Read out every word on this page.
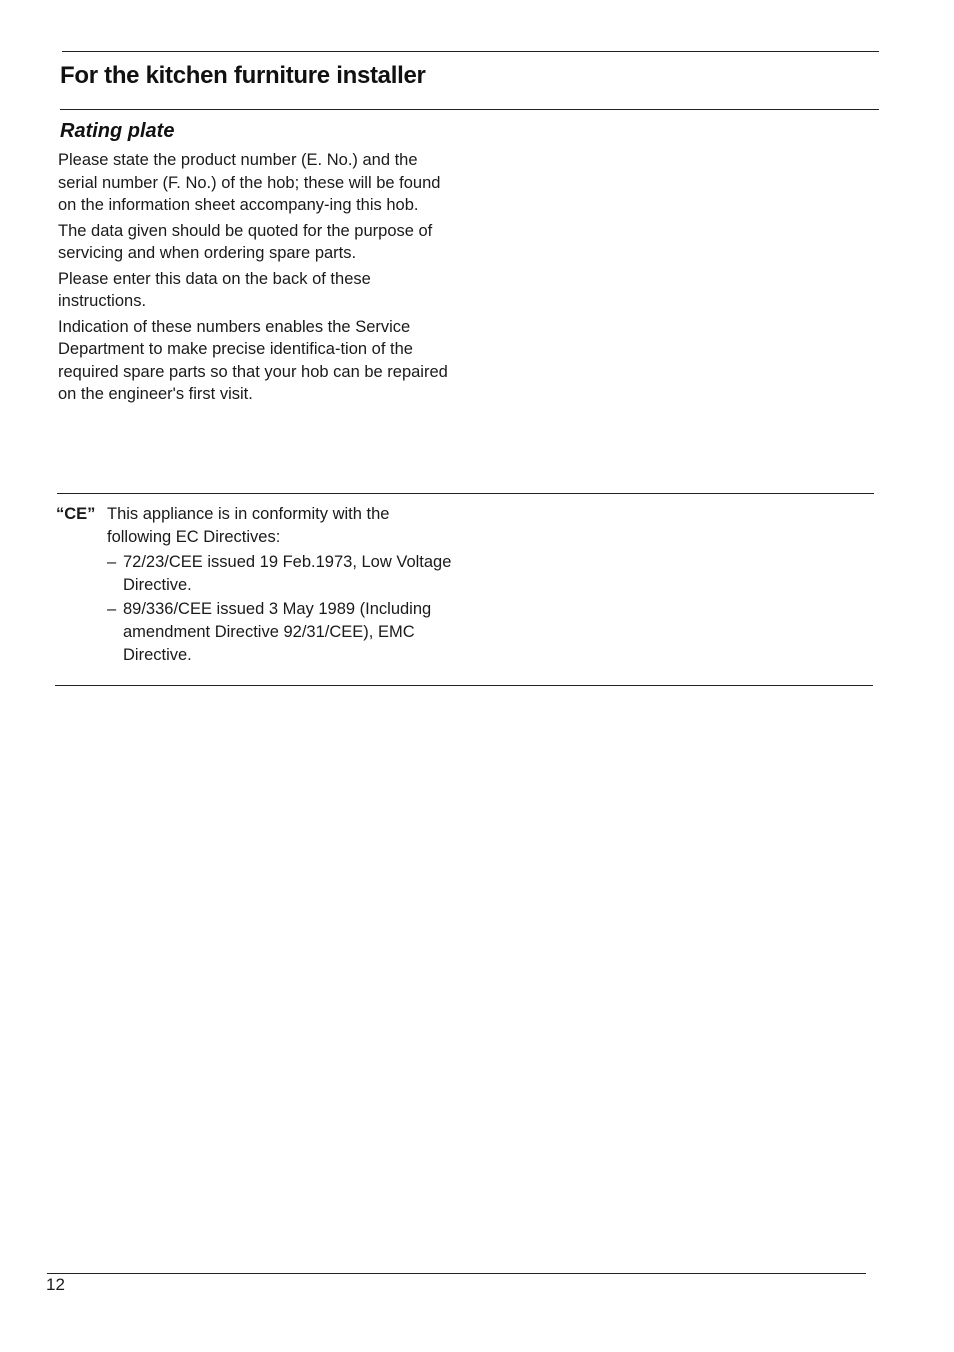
For the kitchen furniture installer
Rating plate

Please state the product number (E. No.) and the serial number (F. No.) of the hob; these will be found on the information sheet accompany-ing this hob.

The data given should be quoted for the purpose of servicing and when ordering spare parts.

Please enter this data on the back of these instructions.

Indication of these numbers enables the Service Department to make precise identifica-tion of the required spare parts so that your hob can be repaired on the engineer's first visit.

“CE” This appliance is in conformity with the following EC Directives:
– 72/23/CEE issued 19 Feb.1973, Low Voltage Directive.
– 89/336/CEE issued 3 May 1989 (Including amendment Directive 92/31/CEE), EMC Directive.
12
